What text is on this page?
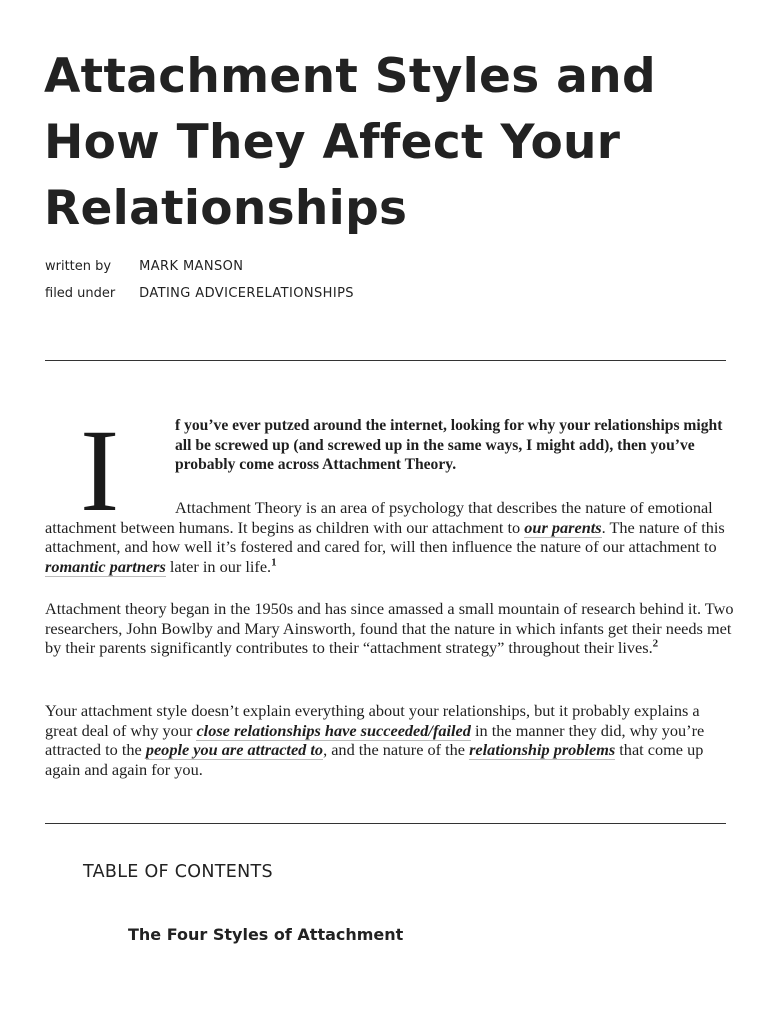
Attachment Styles and How They Affect Your Relationships
written by MARK MANSON
filed under DATING ADVICERELATIONSHIPS
I	f you’ve ever putzed around the internet, looking for why your relationships might all be screwed up (and screwed up in the same ways, I might add), then you’ve probably come across Attachment Theory.

Attachment Theory is an area of psychology that describes the nature of emotional attachment between humans. It begins as children with our attachment to our parents. The nature of this attachment, and how well it’s fostered and cared for, will then influence the nature of our attachment to romantic partners later in our life.$^1$

Attachment theory began in the 1950s and has since amassed a small mountain of research behind it. Two researchers, John Bowlby and Mary Ainsworth, found that the nature in which infants get their needs met by their parents significantly contributes to their “attachment strategy” throughout their lives.$^2$

Your attachment style doesn’t explain everything about your relationships, but it probably explains a great deal of why your close relationships have succeeded/failed in the manner they did, why you’re attracted to the people you are attracted to, and the nature of the relationship problems that come up again and again for you.

TABLE OF CONTENTS
The Four Styles of Attachment
